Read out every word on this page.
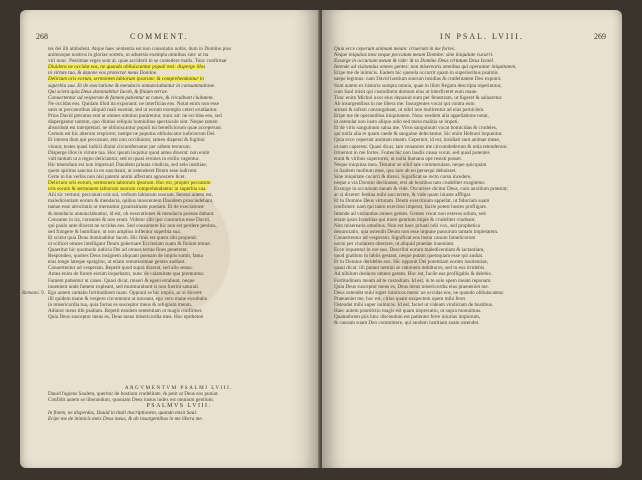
268	COMMENT.
Romano. 9.
tes dei illi ambulent. Atque haec sententia est non consolatio nobis, dum in Domino pios
animosque nostros in gloriae sortem, ut aduersis exempla omnibus sint: ut ita
viri nunc. Pessimae reges sunt al. quae acciderit in se comedere malis. Tunc confirmat
Diuidens ne occidat eos, ne quando obliuiscantur populi mei: disperge illos
in virtute tua, & depone eos protector meus Domine.
Delictum oris eorum, sermonem labiorum ipsorum: & comprehendantur in
superbia sua. Et de execratione & mendacio annunciabuntur in consummatione.
Qui scient quia Deus dominabitur Iacob, & finium terrae.
Conuertentur ad vesperam & famem patientur ut canes, & circuibunt ciuitatem.
Ne occidas eos. Quidam illud ita exponunt: ne interficias eos. Notat enim non esse
satis ut peccatoribus aliquid mali eueniat, sed ut eorum exemplo ceteri erudiantur.
Prius David precatus erat ut omnes omnino punirentur, nunc ait: ne occidas eos, sed
dispergantur tantum, quo diutius reliquis hominibus spectaculo sint. Neque tamen
absurdum est interpretari, ne obliuiscantur populi tui beneficiorum quae acceperunt.
Certum est hic alterum respicere, nempe ne populus obliuiscatur iudiciorum Dei.
Et interea dum qui peccarunt, etsi non occiduntur, tamen dispersi & fugitiui
viuunt, testes quasi iudicii diuini circumferuntur per orbem terrarum.
Disperge illos in virtute tua. Hoc ipsum loquitur quod antea dixerat: non enim
vult tantum ut a regno deiiciantur, sed ut quasi errones in exilio vagentur.
Hic tenendum est non imprecari Dauidem priuata vindicta, sed zelo iustitiae,
quem spiritus sanctus in eo suscitauit, ut ostenderet Deum esse iudicem.
Certe in his verbis non nisi paterni animi affectum agnoscere licet.
Delictum oris eorum, sermonem labiorum ipsorum. Hoc est, propter peccatum
oris eorum & sermonem labiorum suorum comprehendantur in superbia sua.
Alii sic vertunt: peccatum oris sui, verbum labiorum suorum. Sensus autem est,
maledicentiam eorum & mendacia, quibus innocentem Dauidem proscindebant,
tantae esse atrocitatis ut mereantur grauissimam poenam. Et de execratione
& mendacio annunciabuntur, id est, ob execrationes & mendacia poenas dabunt.
Consume in ira, consume & non erunt. Videtur sibi ipsi contrarius esse David,
qui paulo ante dixerat ne occidas eos. Sed consumere hic non est perdere penitus,
sed frangere & humiliare, ut non amplius inflentur superbia sua.
Et scient quia Deus dominabitur Iacob. Hic finis est quem sibi proponit:
ut scilicet omnes intelligant Deum gubernare Ecclesiam suam & finium terrae.
Quaeritur hic quomodo iudicia Dei ad omnes terrae fines penetrent.
Respondeo, quoties Deus insignem aliquam poenam de impiis sumit, fama
eius longe lateque spargitur, ut etiam remotissimae gentes audiant.
Conuertentur ad vesperam. Repetit quod supra dixerat, sed alio sensu.
Antea enim de furore eorum loquebatur, nunc de calamitate qua premuntur.
Famem patientur ut canes. Quasi dicat, miseri & egeni errabunt, neque
inuenient unde famem expleant, sed murmurabunt si non fuerint saturati.
Ego autem cantabo fortitudinem tuam. Opponit se hic impiis, ac si diceret:
illi quidem mane & vespere circumeunt ut noceant, ego vero mane exsultabo
in misericordia tua, quia factus es susceptor meus & refugium meum.
Adiutor meus tibi psallam. Repetit eandem sententiam ut magis confirmet.
Quia Deus susceptor meus es, Deus meus misericordia mea. Hoc epitheton
ARGVMENTVM PSALMI LVIII.
Dauid fugiens Saulem, queritur de hostium crudelitate, & petit ut Deus eos puniat.
Confidit autem se liberandum, quoniam Deus iustus iudex est omnium gentium.
PSALMVS LVIII.
In finem, ne disperdas, Dauid in tituli inscriptionem, quando misit Saul.
Eripe me de inimicis meis Deus meus, & ab insurgentibus in me libera me.
IN PSAL. LVIII.	269
Quia ecce ceperunt animam meam: irruerunt in me fortes.
Neque iniquitas mea neque peccatum meum Domine: sine iniquitate cucurri.
Exsurge in occursum meum & vide: & tu Domine Deus virtutum Deus Israel.
Intende ad visitandas omnes gentes: non miserearis omnibus qui operantur iniquitatem.
Eripe me de inimicis. Eadem hic querela occurrit quam in superioribus psalmis
saepe legimus: nam David hostium suorum insidias & crudelitatem Deo exponit.
Sunt autem ex historia sumpta omnia, quae in libro Regum descripta reperiuntur,
cum Saul misit qui custodirent domum eius ut interficeret eum mane.
Tunc enim Michol uxor eius deposuit eum per fenestram, ut fugeret & saluaretur.
Ab insurgentibus in me libera me. Insurgentes vocat qui contra eum
armati & infesti consurgebant, ut nihil non molirentur ad eius perniciem.
Eripe me de operantibus iniquitatem. Nunc eosdem alia appellatione notat,
ut ostendat non iusto aliquo odio sed mera malitia se impeti.
Et de viris sanguinum salua me. Viros sanguinum vocat homicidas & crudeles,
qui nulla alia re quam caede & sanguine delectantur. Sic enim Hebraei loquuntur.
Quia ecce ceperunt animam meam. Ceperunt, id est, insidiati sunt animae meae,
ut eam caperent. Quasi dicat, iam venatores me circumdederunt & retia tetenderunt.
Irruerunt in me fortes. Fortes hic non laudis causa vocat, sed quod potentes
erant & viribus superiores, ut nulla humana ope resisti posset.
Neque iniquitas mea. Testatur se nihil tale commeruisse, neque quicquam
in Saulem molitum esse, quo iure ab eo persequi debuisset.
Sine iniquitate cucurri & direxi. Significat se recto cursu incedere,
neque a via Domini declinasse, etsi ab hostibus tam crudeliter exagitetur.
Exsurge in occursum meum & vide. Occurrere dicitur Deus, cum auxilium praestat;
ac si diceret: festina mihi succurrere, & vide quam iniuste affligar.
Et tu Domine Deus virtutum. Deum exercituum appellat, ut fiduciam suam
confirmet: nam qui tanto exercitui imperat, facile potest hostes profligare.
Intende ad visitandas omnes gentes. Gentes vocat non exteros solum, sed
etiam ipsos Israelitas qui more gentium impie & crudeliter viuebant.
Non miserearis omnibus. Non est haec priuati odii vox, sed prophetica
denunciatio, qua ostendit Deum non esse impune passurum tantam impietatem.
Conuertentur ad vesperam. Significat eos instar canum famelicorum
noctu per ciuitatem oberrare, ut aliquid praedae inueniant.
Ecce loquentur in ore suo. Describit eorum maledicentiam & iactantiam,
quod gladium in labiis gestant, neque putant quemquam esse qui audiat.
Et tu Domine deridebis eos. Hic opponit Dei potentiam eorum insolentiae,
quasi dicat: illi putant nemini se rationem reddituros, sed tu eos irridebis.
Ad nihilum deduces omnes gentes. Hoc est, facile eas profligabis & delebis.
Fortitudinem meam ad te custodiam. Id est, in te solo spem meam reponam.
Quia Deus susceptor meus es, Deus meus misericordia eius praeueniet me.
Deus ostendet mihi super inimicos meos: ne occidas eos, ne quando obliuiscantur.
Praeueniet me, hoc est, citius quam exspectem opem mihi feret.
Ostendet mihi super inimicos. Id est, faciet ut videam vindictam de hostibus.
Haec autem praedictio magis est quam imprecatio, ut supra monuimus.
Quamobrem piis hinc discendum est patienter ferre iniurias impiorum,
& causam suam Deo committere, qui tandem iustitiam suam ostendet.
